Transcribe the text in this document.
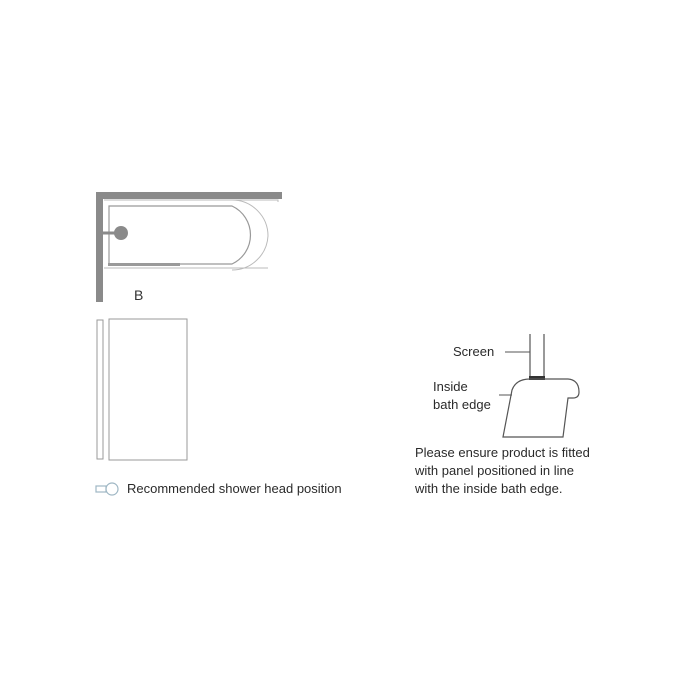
B
Recommended shower head position
Screen
Inside
bath edge
Please ensure product is fitted
with panel positioned in line
with the inside bath edge.
